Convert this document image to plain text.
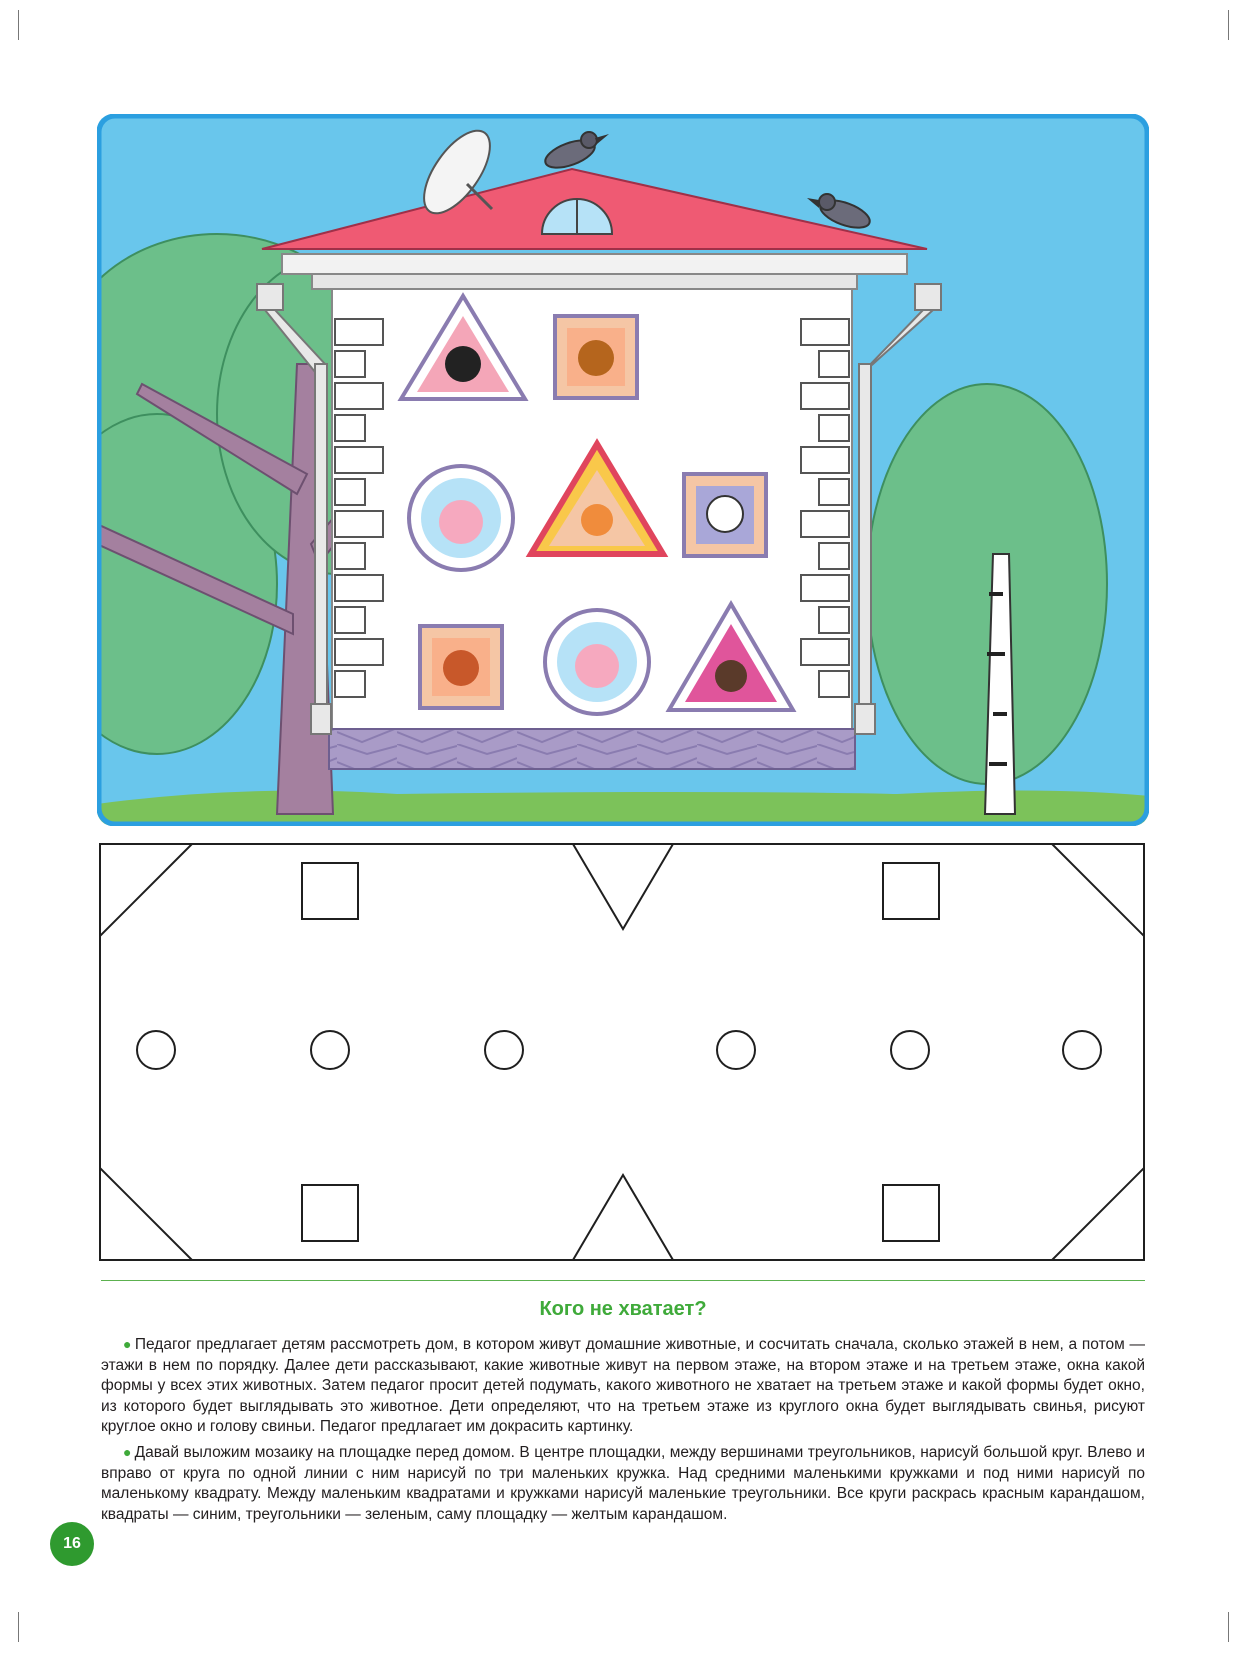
Кого не хватает?

● Педагог предлагает детям рассмотреть дом, в котором живут домашние животные, и сосчитать сначала, сколько этажей в нем, а потом — этажи в нем по порядку. Далее дети рассказывают, какие животные живут на первом этаже, на втором этаже и на третьем этаже, окна какой формы у всех этих животных. Затем педагог просит детей подумать, какого животного не хватает на третьем этаже и какой формы будет окно, из которого будет выглядывать это животное. Дети определяют, что на третьем этаже из круглого окна будет выглядывать свинья, рисуют круглое окно и голову свиньи. Педагог предлагает им докрасить картинку.

● Давай выложим мозаику на площадке перед домом. В центре площадки, между вершинами треугольников, нарисуй большой круг. Влево и вправо от круга по одной линии с ним нарисуй по три маленьких кружка. Над средними маленькими кружками и под ними нарисуй по маленькому квадрату. Между маленьким квадратами и кружками нарисуй маленькие треугольники. Все круги раскрась красным карандашом, квадраты — синим, треугольники — зеленым, саму площадку — желтым карандашом.

16
